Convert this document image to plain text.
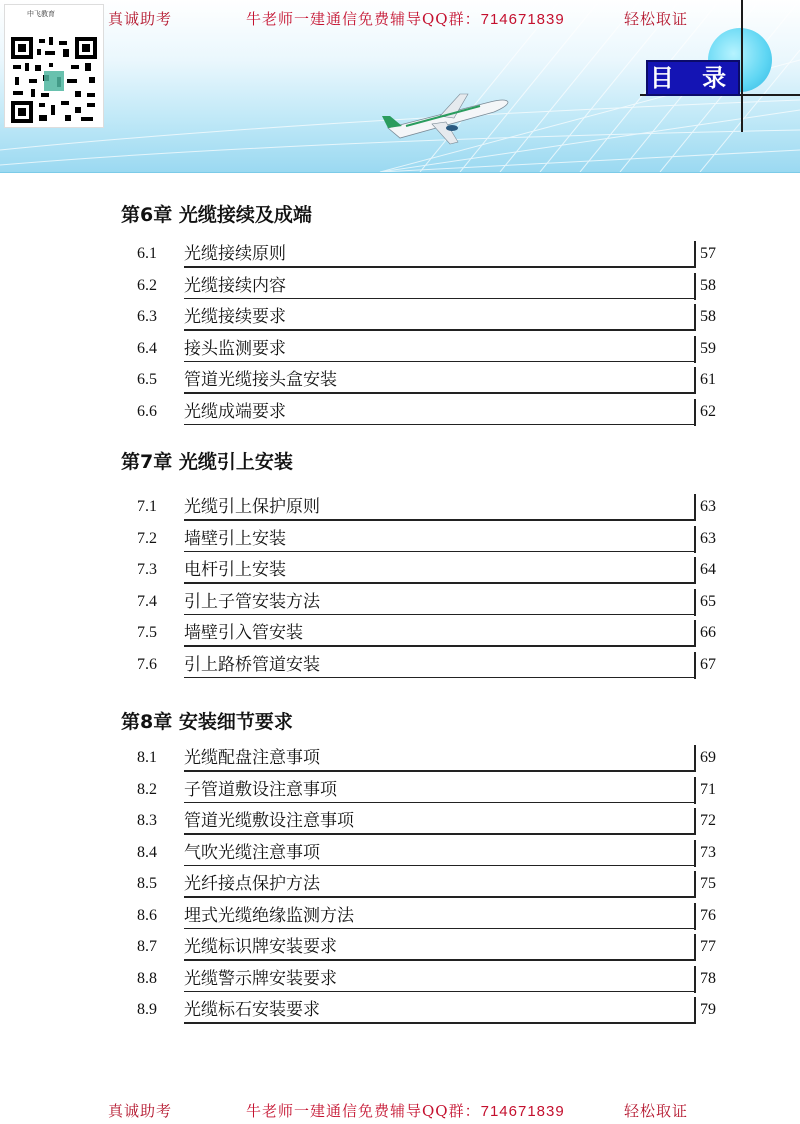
中飞教育	真诚助考	牛老师一建通信免费辅导QQ群：714671839	轻松取证
目 录
第6章 光缆接续及成端
第7章 光缆引上安装
第8章 安装细节要求
6.1 光缆接续原则	57
6.2 光缆接续内容	58
6.3 光缆接续要求	58
6.4 接头监测要求	59
6.5 管道光缆接头盒安装	61
6.6 光缆成端要求	62
7.1 光缆引上保护原则	63
7.2 墙壁引上安装	63
7.3 电杆引上安装	64
7.4 引上子管安装方法	65
7.5 墙壁引入管安装	66
7.6 引上路桥管道安装	67
8.1 光缆配盘注意事项	69
8.2 子管道敷设注意事项	71
8.3 管道光缆敷设注意事项	72
8.4 气吹光缆注意事项	73
8.5 光纤接点保护方法	75
8.6 埋式光缆绝缘监测方法	76
8.7 光缆标识牌安装要求	77
8.8 光缆警示牌安装要求	78
8.9 光缆标石安装要求	79
真诚助考	牛老师一建通信免费辅导QQ群：714671839	轻松取证
